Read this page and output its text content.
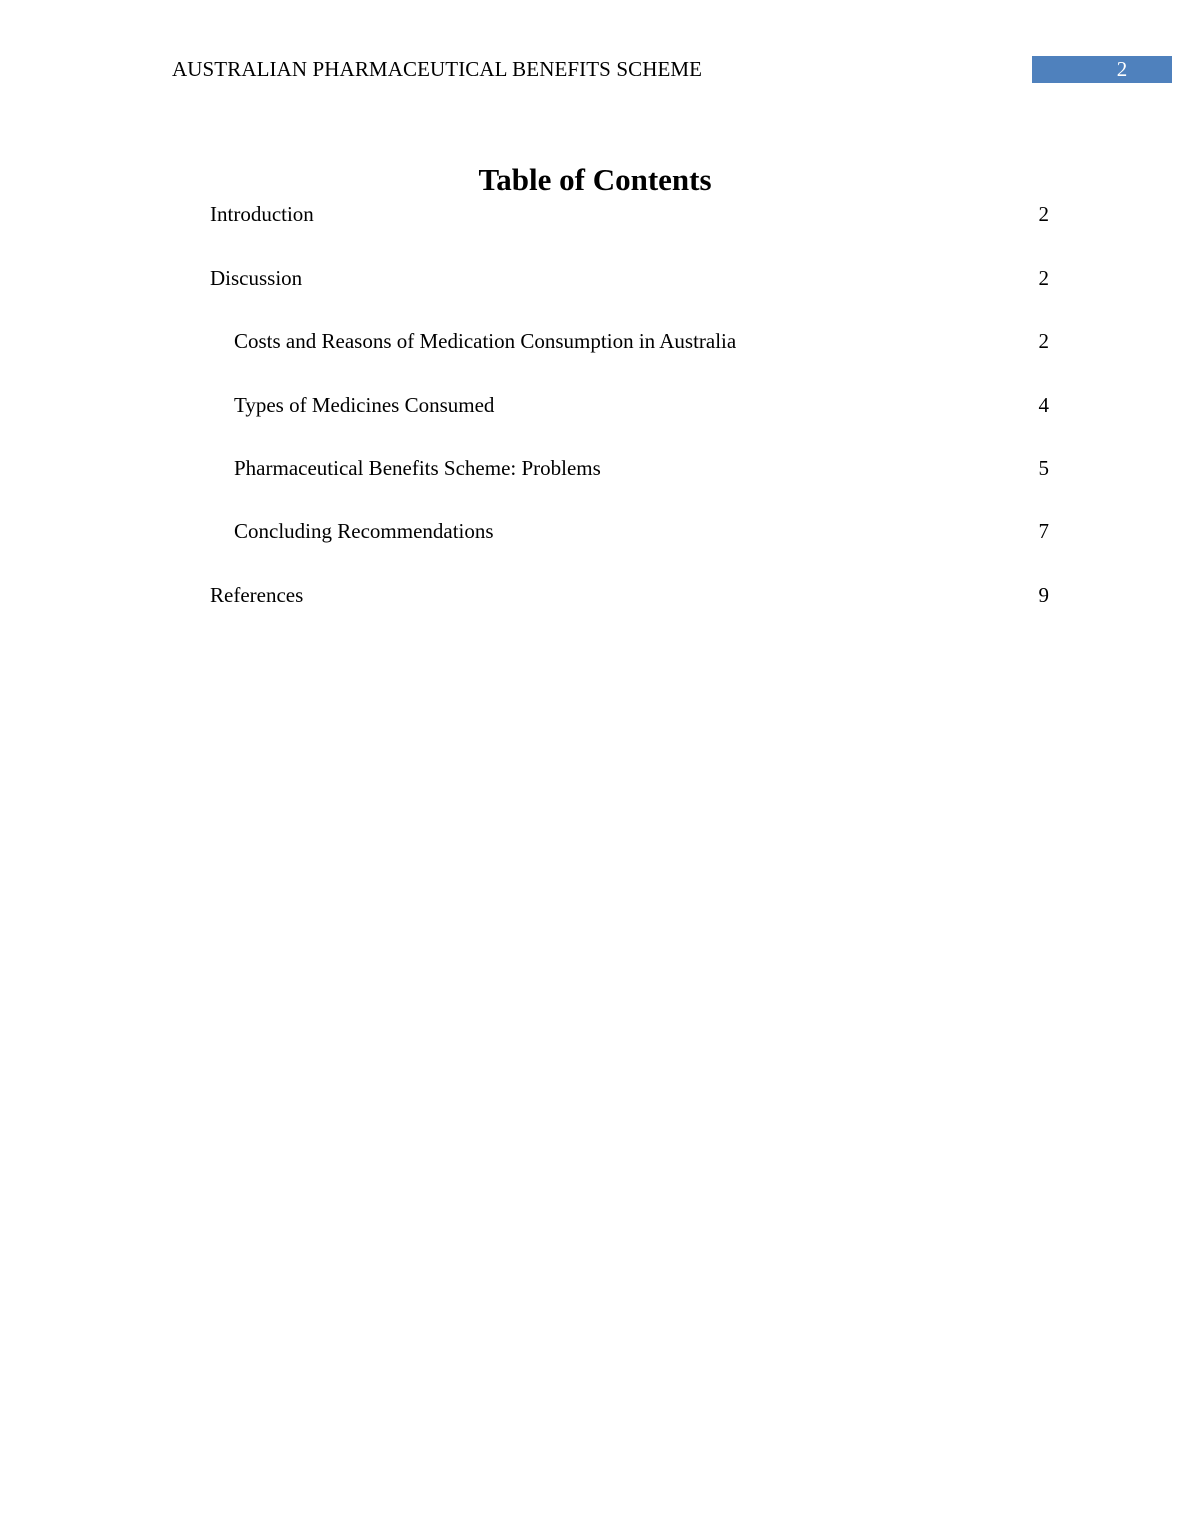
AUSTRALIAN PHARMACEUTICAL BENEFITS SCHEME	2
Table of Contents
Introduction	2
Discussion	2
Costs and Reasons of Medication Consumption in Australia	2
Types of Medicines Consumed	4
Pharmaceutical Benefits Scheme: Problems	5
Concluding Recommendations	7
References	9
